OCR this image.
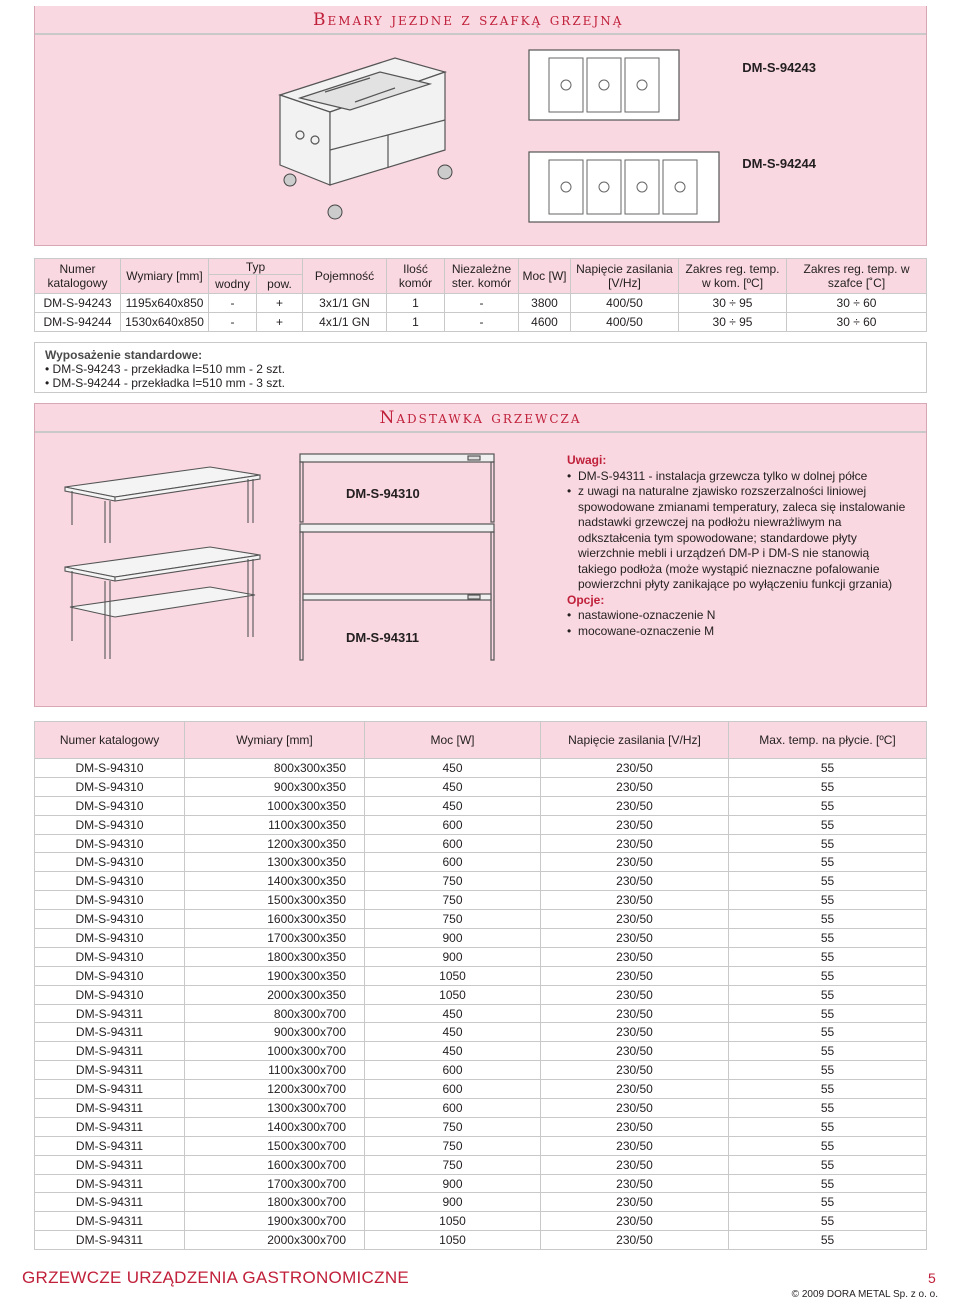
Bemary jezdne z szafką grzejną
DM-S-94243
DM-S-94244
Numer katalogowy	Wymiary [mm]	Typ		Pojemność	Ilość komór	Niezależne ster. komór	Moc [W]	Napięcie zasilania [V/Hz]	Zakres reg. temp. w kom. [ºC]	Zakres reg. temp. w szafce [˚C]
		wodny	pow.							
DM-S-94243	1195x640x850	-	+	3x1/1 GN	1	-	3800	400/50	30 ÷ 95	30 ÷ 60
DM-S-94244	1530x640x850	-	+	4x1/1 GN	1	-	4600	400/50	30 ÷ 95	30 ÷ 60
Wyposażenie standardowe:
• DM-S-94243 - przekładka l=510 mm - 2 szt.
• DM-S-94244 - przekładka l=510 mm - 3 szt.
Nadstawka grzewcza
DM-S-94310
DM-S-94311
Uwagi:
• DM-S-94311 - instalacja grzewcza tylko w dolnej półce
• z uwagi na naturalne zjawisko rozszerzalności liniowej spowodowane zmianami temperatury, zaleca się instalowanie nadstawki grzewczej na podłożu niewrażliwym na odkształcenia tym spowodowane; standardowe płyty wierzchnie mebli i urządzeń DM-P i DM-S nie stanowią takiego podłoża (może wystąpić nieznaczne pofalowanie powierzchni płyty zanikające po wyłączeniu funkcji grzania)
Opcje:
• nastawione-oznaczenie N
• mocowane-oznaczenie M
Numer katalogowy	Wymiary [mm]	Moc [W]	Napięcie zasilania [V/Hz]	Max. temp. na płycie. [ºC]
DM-S-94310	800x300x350	450	230/50	55
DM-S-94310	900x300x350	450	230/50	55
DM-S-94310	1000x300x350	450	230/50	55
DM-S-94310	1100x300x350	600	230/50	55
DM-S-94310	1200x300x350	600	230/50	55
DM-S-94310	1300x300x350	600	230/50	55
DM-S-94310	1400x300x350	750	230/50	55
DM-S-94310	1500x300x350	750	230/50	55
DM-S-94310	1600x300x350	750	230/50	55
DM-S-94310	1700x300x350	900	230/50	55
DM-S-94310	1800x300x350	900	230/50	55
DM-S-94310	1900x300x350	1050	230/50	55
DM-S-94310	2000x300x350	1050	230/50	55
DM-S-94311	800x300x700	450	230/50	55
DM-S-94311	900x300x700	450	230/50	55
DM-S-94311	1000x300x700	450	230/50	55
DM-S-94311	1100x300x700	600	230/50	55
DM-S-94311	1200x300x700	600	230/50	55
DM-S-94311	1300x300x700	600	230/50	55
DM-S-94311	1400x300x700	750	230/50	55
DM-S-94311	1500x300x700	750	230/50	55
DM-S-94311	1600x300x700	750	230/50	55
DM-S-94311	1700x300x700	900	230/50	55
DM-S-94311	1800x300x700	900	230/50	55
DM-S-94311	1900x300x700	1050	230/50	55
DM-S-94311	2000x300x700	1050	230/50	55
GRZEWCZE URZĄDZENIA GASTRONOMICZNE	5
© 2009 DORA METAL Sp. z o. o.
